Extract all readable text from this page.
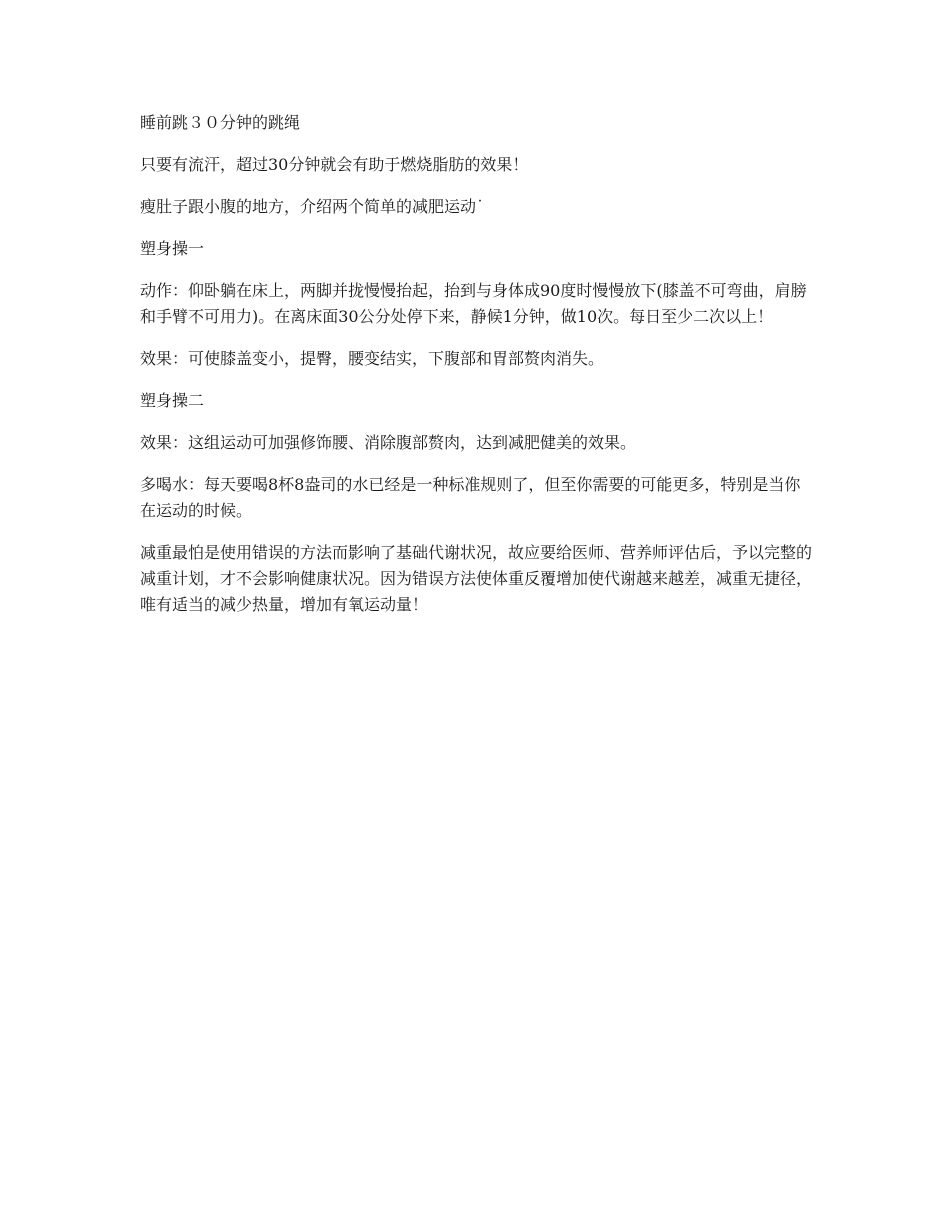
睡前跳３０分钟的跳绳

只要有流汗，超过30分钟就会有助于燃烧脂肪的效果！

瘦肚子跟小腹的地方，介绍两个简单的减肥运动˙

塑身操一

动作：仰卧躺在床上，两脚并拢慢慢抬起，抬到与身体成90度时慢慢放下(膝盖不可弯曲，肩膀和手臂不可用力)。在离床面30公分处停下来，静候1分钟，做10次。每日至少二次以上！

效果：可使膝盖变小，提臀，腰变结实，下腹部和胃部赘肉消失。

塑身操二

效果：这组运动可加强修饰腰、消除腹部赘肉，达到减肥健美的效果。

多喝水：每天要喝8杯8盎司的水已经是一种标准规则了，但至你需要的可能更多，特别是当你在运动的时候。

减重最怕是使用错误的方法而影响了基础代谢状况，故应要给医师、营养师评估后，予以完整的减重计划，才不会影响健康状况。因为错误方法使体重反覆增加使代谢越来越差，减重无捷径，唯有适当的减少热量，增加有氧运动量！
